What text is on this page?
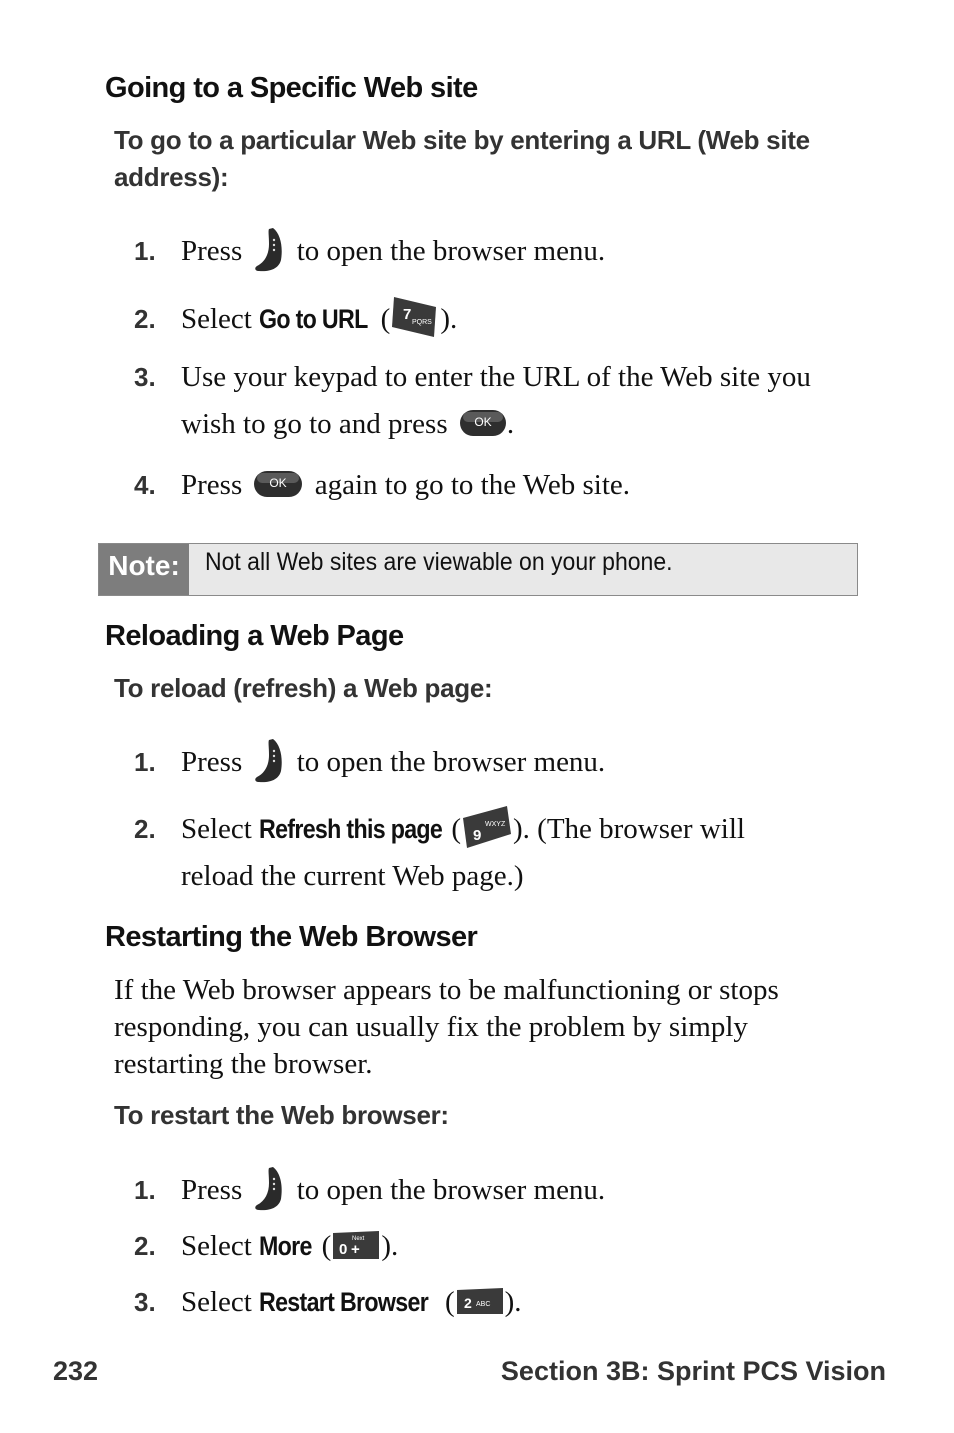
Going to a Specific Web site
To go to a particular Web site by entering a URL (Web site
address):
1. Press to open the browser menu.
2. Select Go to URL ( 7 PQRS ).
3. Use your keypad to enter the URL of the Web site you
wish to go to and press OK .
4. Press OK again to go to the Web site.
Note:	Not all Web sites are viewable on your phone.
Reloading a Web Page
To reload (refresh) a Web page:
1. Press to open the browser menu.
2. Select Refresh this page ( 9
WXYZ ). (The browser will
reload the current Web page.)
Restarting the Web Browser
If the Web browser appears to be malfunctioning or stops
responding, you can usually fix the problem by simply
restarting the browser.
To restart the Web browser:
1. Press to open the browser menu.
2. Select More ( 0 +
Next ).
3. Select Restart Browser ( 2 ABC ).
232	Section 3B: Sprint PCS Vision
